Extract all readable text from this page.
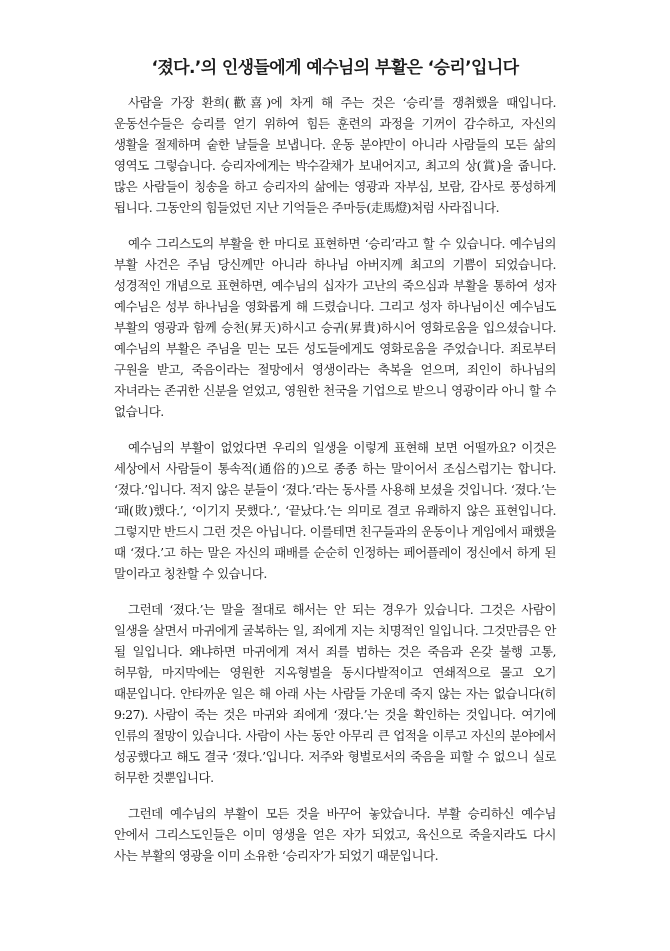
‘졌다.’의 인생들에게 예수님의 부활은 ‘승리’입니다

사람을 가장 환희(歡喜)에 차게 해 주는 것은 ‘승리’를 쟁취했을 때입니다. 운동선수들은 승리를 얻기 위하여 힘든 훈련의 과정을 기꺼이 감수하고, 자신의 생활을 절제하며 숱한 날들을 보냅니다. 운동 분야만이 아니라 사람들의 모든 삶의 영역도 그렇습니다. 승리자에게는 박수갈채가 보내어지고, 최고의 상(賞)을 줍니다. 많은 사람들이 칭송을 하고 승리자의 삶에는 영광과 자부심, 보람, 감사로 풍성하게 됩니다. 그동안의 힘들었던 지난 기억들은 주마등(走馬燈)처럼 사라집니다.

예수 그리스도의 부활을 한 마디로 표현하면 ‘승리’라고 할 수 있습니다. 예수님의 부활 사건은 주님 당신께만 아니라 하나님 아버지께 최고의 기쁨이 되었습니다. 성경적인 개념으로 표현하면, 예수님의 십자가 고난의 죽으심과 부활을 통하여 성자 예수님은 성부 하나님을 영화롭게 해 드렸습니다. 그리고 성자 하나님이신 예수님도 부활의 영광과 함께 승천(昇天)하시고 승귀(昇貴)하시어 영화로움을 입으셨습니다. 예수님의 부활은 주님을 믿는 모든 성도들에게도 영화로움을 주었습니다. 죄로부터 구원을 받고, 죽음이라는 절망에서 영생이라는 축복을 얻으며, 죄인이 하나님의 자녀라는 존귀한 신분을 얻었고, 영원한 천국을 기업으로 받으니 영광이라 아니 할 수 없습니다.

예수님의 부활이 없었다면 우리의 일생을 이렇게 표현해 보면 어떨까요? 이것은 세상에서 사람들이 통속적(通俗的)으로 종종 하는 말이어서 조심스럽기는 합니다. ‘졌다.’입니다. 적지 않은 분들이 ‘졌다.’라는 동사를 사용해 보셨을 것입니다. ‘졌다.’는 ‘패(敗)했다.’, ‘이기지 못했다.’, ‘끝났다.’는 의미로 결코 유쾌하지 않은 표현입니다. 그렇지만 반드시 그런 것은 아닙니다. 이를테면 친구들과의 운동이나 게임에서 패했을 때 ‘졌다.’고 하는 말은 자신의 패배를 순순히 인정하는 페어플레이 정신에서 하게 된 말이라고 칭찬할 수 있습니다.

그런데 ‘졌다.’는 말을 절대로 해서는 안 되는 경우가 있습니다. 그것은 사람이 일생을 살면서 마귀에게 굴복하는 일, 죄에게 지는 치명적인 일입니다. 그것만큼은 안 될 일입니다. 왜냐하면 마귀에게 져서 죄를 범하는 것은 죽음과 온갖 불행 고통, 허무함, 마지막에는 영원한 지옥형벌을 동시다발적이고 연쇄적으로 몰고 오기 때문입니다. 안타까운 일은 해 아래 사는 사람들 가운데 죽지 않는 자는 없습니다(히 9:27). 사람이 죽는 것은 마귀와 죄에게 ‘졌다.’는 것을 확인하는 것입니다. 여기에 인류의 절망이 있습니다. 사람이 사는 동안 아무리 큰 업적을 이루고 자신의 분야에서 성공했다고 해도 결국 ‘졌다.’입니다. 저주와 형벌로서의 죽음을 피할 수 없으니 실로 허무한 것뿐입니다.

그런데 예수님의 부활이 모든 것을 바꾸어 놓았습니다. 부활 승리하신 예수님 안에서 그리스도인들은 이미 영생을 얻은 자가 되었고, 육신으로 죽을지라도 다시 사는 부활의 영광을 이미 소유한 ‘승리자’가 되었기 때문입니다.
